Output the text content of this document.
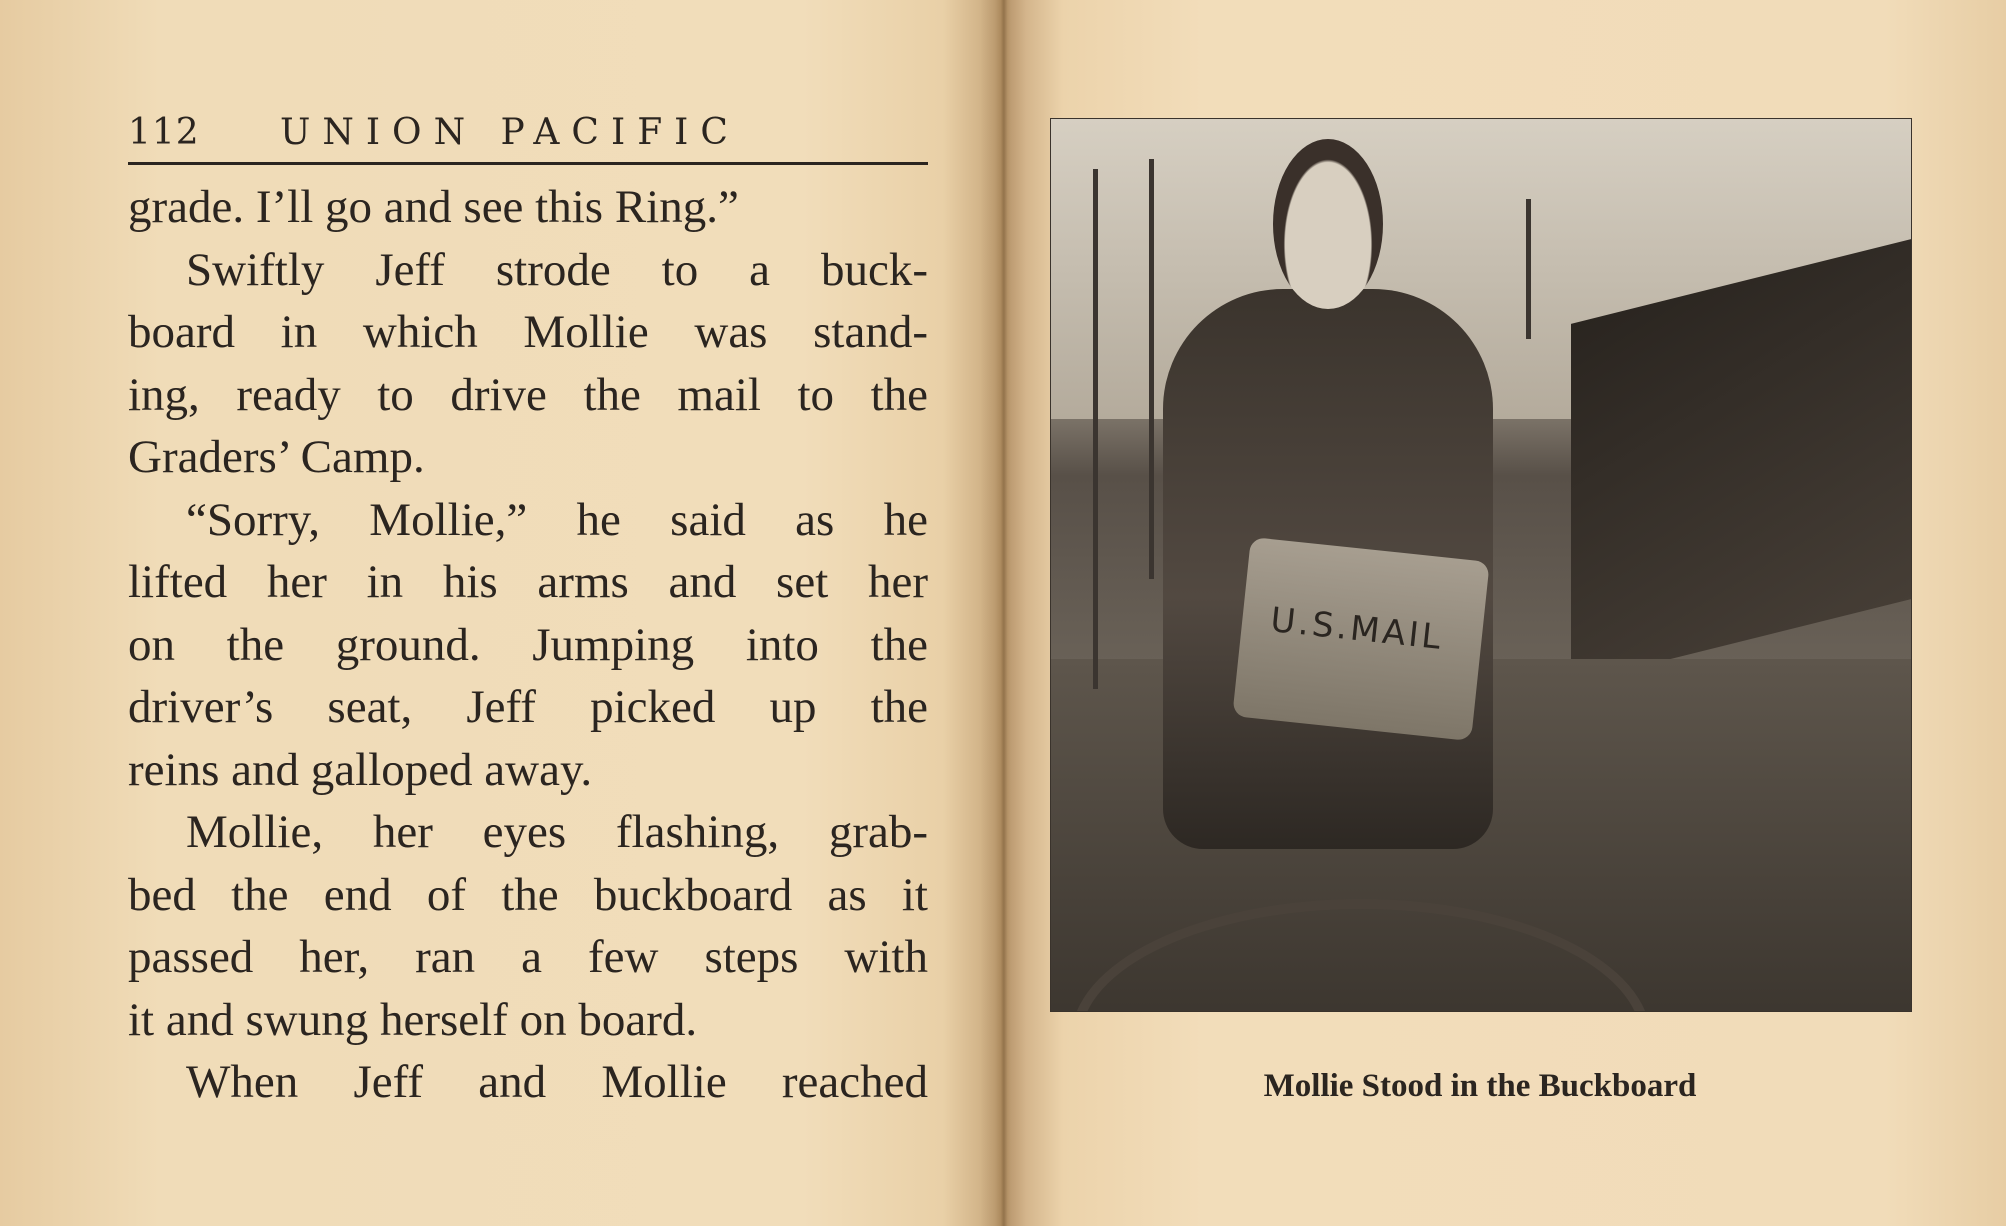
112 UNION PACIFIC
grade. I’ll go and see this Ring.”
Swiftly Jeff strode to a buck-
board in which Mollie was stand-
ing, ready to drive the mail to the
Graders’ Camp.
“Sorry, Mollie,” he said as he
lifted her in his arms and set her
on the ground. Jumping into the
driver’s seat, Jeff picked up the
reins and galloped away.
Mollie, her eyes flashing, grab-
bed the end of the buckboard as it
passed her, ran a few steps with
it and swung herself on board.
When Jeff and Mollie reached
U.S.MAIL
Mollie Stood in the Buckboard
